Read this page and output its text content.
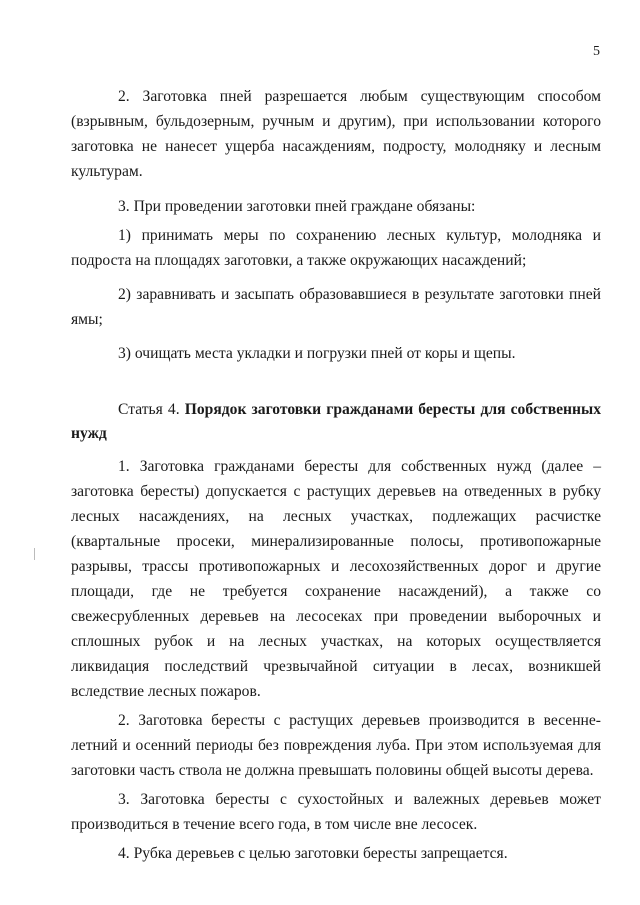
5

2. Заготовка пней разрешается любым существующим способом (взрывным, бульдозерным, ручным и другим), при использовании которого заготовка не нанесет ущерба насаждениям, подросту, молодняку и лесным культурам.

3. При проведении заготовки пней граждане обязаны:

1) принимать меры по сохранению лесных культур, молодняка и подроста на площадях заготовки, а также окружающих насаждений;

2) заравнивать и засыпать образовавшиеся в результате заготовки пней ямы;

3) очищать места укладки и погрузки пней от коры и щепы.

Статья 4. Порядок заготовки гражданами бересты для собственных нужд

1. Заготовка гражданами бересты для собственных нужд (далее – заготовка бересты) допускается с растущих деревьев на отведенных в рубку лесных насаждениях, на лесных участках, подлежащих расчистке (квартальные просеки, минерализированные полосы, противопожарные разрывы, трассы противопожарных и лесохозяйственных дорог и другие площади, где не требуется сохранение насаждений), а также со свежесрубленных деревьев на лесосеках при проведении выборочных и сплошных рубок и на лесных участках, на которых осуществляется ликвидация последствий чрезвычайной ситуации в лесах, возникшей вследствие лесных пожаров.

2. Заготовка бересты с растущих деревьев производится в весенне-летний и осенний периоды без повреждения луба. При этом используемая для заготовки часть ствола не должна превышать половины общей высоты дерева.

3. Заготовка бересты с сухостойных и валежных деревьев может производиться в течение всего года, в том числе вне лесосек.

4. Рубка деревьев с целью заготовки бересты запрещается.
